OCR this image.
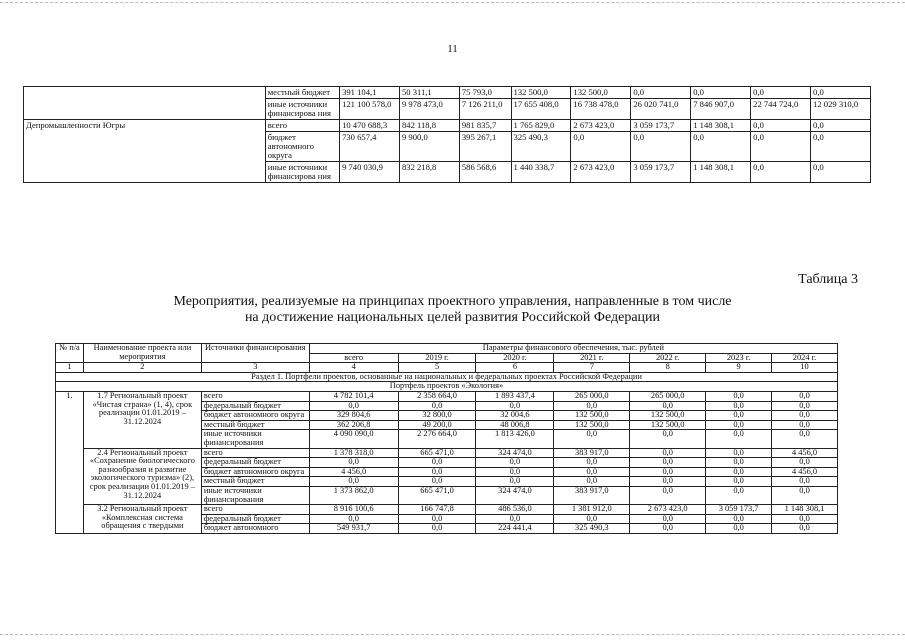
11
	местный бюджет	391 104,1	50 311,1	75 793,0	132 500,0	132 500,0	0,0	0,0	0,0	0,0
	иные источники финансирова ния	121 100 578,0	9 978 473,0	7 126 211,0	17 655 408,0	16 738 478,0	26 020 741,0	7 846 907,0	22 744 724,0	12 029 310,0
Депромышленности Югры	всего	10 470 688,3	842 118,8	981 835,7	1 765 829,0	2 673 423,0	3 059 173,7	1 148 308,1	0,0	0,0
	бюджет автономного округа	730 657,4	9 900,0	395 267,1	325 490,3	0,0	0,0	0,0	0,0	0,0
	иные источники финансирова ния	9 740 030,9	832 218,8	586 568,6	1 440 338,7	2 673 423,0	3 059 173,7	1 148 308,1	0,0	0,0
Таблица 3
Мероприятия, реализуемые на принципах проектного управления, направленные в том числе
на достижение национальных целей развития Российской Федерации
№ п/а	Наименование проекта или мероприятия	Источники финансирования	Параметры финансового обеспечения, тыс. рублей						
			всего	2019 г.	2020 г.	2021 г.	2022 г.	2023 г.	2024 г.
1	2	3	4	5	6	7	8	9	10
Раздел 1. Портфели проектов, основанные на национальных и федеральных проектах Российской Федерации									
Портфель проектов «Экология»									
1.	1.7 Региональный проект «Чистая страна» (1, 4), срок реализации 01.01.2019 – 31.12.2024	всего	4 782 101,4	2 358 664,0	1 893 437,4	265 000,0	265 000,0	0,0	0,0
		федеральный бюджет	0,0	0,0	0,0	0,0	0,0	0,0	0,0
		бюджет автономного округа	329 804,6	32 800,0	32 004,6	132 500,0	132 500,0	0,0	0,0
		местный бюджет	362 206,8	49 200,0	48 006,8	132 500,0	132 500,0	0,0	0,0
		иные источники финансирования	4 090 090,0	2 276 664,0	1 813 426,0	0,0	0,0	0,0	0,0
	2.4 Региональный проект «Сохранение биологического разнообразия и развитие экологического туризма» (2), срок реализации 01.01.2019 – 31.12.2024	всего	1 378 318,0	665 471,0	324 474,0	383 917,0	0,0	0,0	4 456,0
		федеральный бюджет	0,0	0,0	0,0	0,0	0,0	0,0	0,0
		бюджет автономного округа	4 456,0	0,0	0,0	0,0	0,0	0,0	4 456,0
		местный бюджет	0,0	0,0	0,0	0,0	0,0	0,0	0,0
		иные источники финансирования	1 373 862,0	665 471,0	324 474,0	383 917,0	0,0	0,0	0,0
	3.2 Региональный проект «Комплексная система обращения с твердыми	всего	8 916 100,6	166 747,8	486 536,0	1 381 912,0	2 673 423,0	3 059 173,7	1 148 308,1
		федеральный бюджет	0,0	0,0	0,0	0,0	0,0	0,0	0,0
		бюджет автономного	549 931,7	0,0	224 441,4	325 490,3	0,0	0,0	0,0
